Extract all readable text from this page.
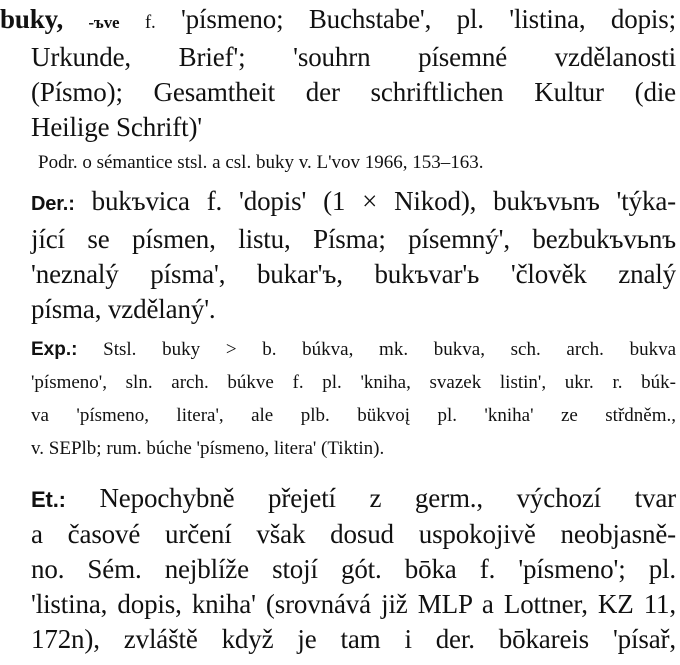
buky, -ъve f. 'písmeno; Buchstabe', pl. 'listina, dopis;
Urkunde, Brief'; 'souhrn písemné vzdělanosti
(Písmo); Gesamtheit der schriftlichen Kultur (die
Heilige Schrift)'
Podr. o sémantice stsl. a csl. buky v. L'vov 1966, 153–163.
Der.: bukъvica f. 'dopis' (1 × Nikod), bukъvьnъ 'týka-
jící se písmen, listu, Písma; písemný', bezbukъvьnъ
'neznalý písma', bukar'ъ, bukъvar'ь 'člověk znalý
písma, vzdělaný'.
Exp.: Stsl. buky > b. búkva, mk. bukva, sch. arch. bukva
'písmeno', sln. arch. búkve f. pl. 'kniha, svazek listin', ukr. r. búk-
va 'písmeno, litera', ale plb. bükvoį pl. 'kniha' ze střdněm.,
v. SEPlb; rum. búche 'písmeno, litera' (Tiktin).
Et.: Nepochybně přejetí z germ., výchozí tvar
a časové určení však dosud uspokojivě neobjasně-
no. Sém. nejblíže stojí gót. bōka f. 'písmeno'; pl.
'listina, dopis, kniha' (srovnává již MLP a Lottner, KZ 11,
172n), zvláště když je tam i der. bōkareis 'písař,
